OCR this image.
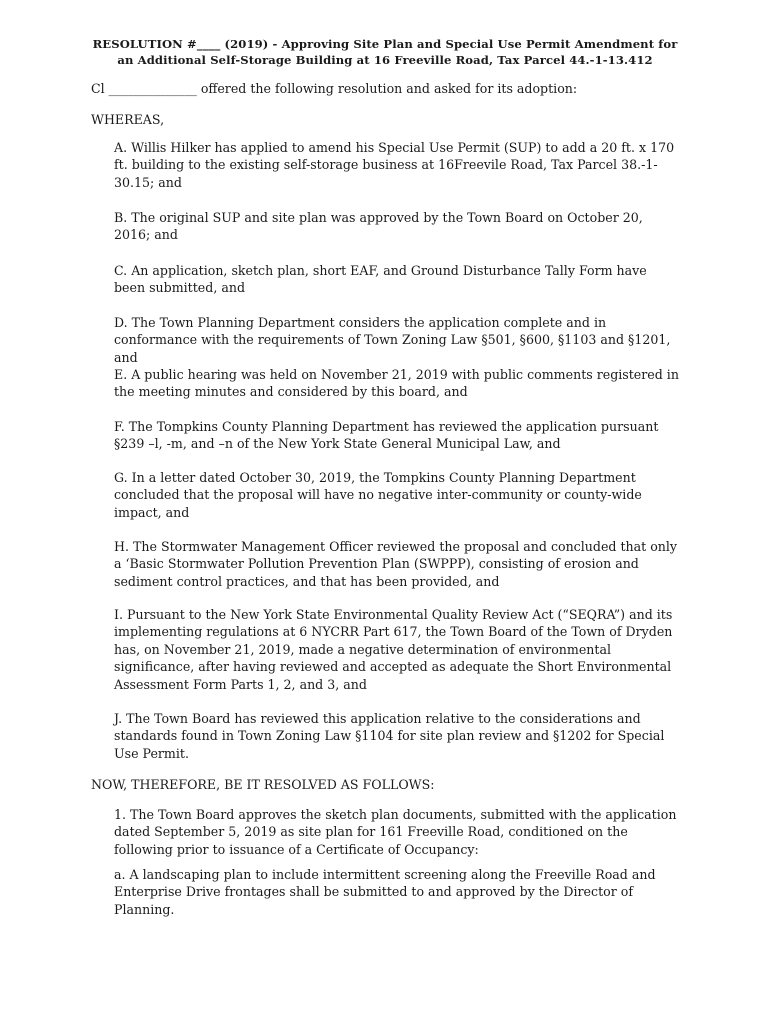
RESOLUTION #____ (2019) - Approving Site Plan and Special Use Permit Amendment for
an Additional Self-Storage Building at 16 Freeville Road, Tax Parcel 44.-1-13.412

Cl ______________ offered the following resolution and asked for its adoption:

WHEREAS,

A. Willis Hilker has applied to amend his Special Use Permit (SUP) to add a 20 ft. x 170 ft. building to the existing self-storage business at 16Freevile Road, Tax Parcel 38.-1-30.15; and

B. The original SUP and site plan was approved by the Town Board on October 20, 2016; and

C. An application, sketch plan, short EAF, and Ground Disturbance Tally Form have been submitted, and

D. The Town Planning Department considers the application complete and in conformance with the requirements of Town Zoning Law §501, §600, §1103 and §1201, and

E. A public hearing was held on November 21, 2019 with public comments registered in the meeting minutes and considered by this board, and

F. The Tompkins County Planning Department has reviewed the application pursuant §239 –l, -m, and –n of the New York State General Municipal Law, and

G. In a letter dated October 30, 2019, the Tompkins County Planning Department concluded that the proposal will have no negative inter-community or county-wide impact, and

H. The Stormwater Management Officer reviewed the proposal and concluded that only a ‘Basic Stormwater Pollution Prevention Plan (SWPPP), consisting of erosion and sediment control practices, and that has been provided, and

I. Pursuant to the New York State Environmental Quality Review Act (“SEQRA”) and its implementing regulations at 6 NYCRR Part 617, the Town Board of the Town of Dryden has, on November 21, 2019, made a negative determination of environmental significance, after having reviewed and accepted as adequate the Short Environmental Assessment Form Parts 1, 2, and 3, and

J. The Town Board has reviewed this application relative to the considerations and standards found in Town Zoning Law §1104 for site plan review and §1202 for Special Use Permit.

NOW, THEREFORE, BE IT RESOLVED AS FOLLOWS:

1. The Town Board approves the sketch plan documents, submitted with the application dated September 5, 2019 as site plan for 161 Freeville Road, conditioned on the following prior to issuance of a Certificate of Occupancy:

a. A landscaping plan to include intermittent screening along the Freeville Road and Enterprise Drive frontages shall be submitted to and approved by the Director of Planning.
